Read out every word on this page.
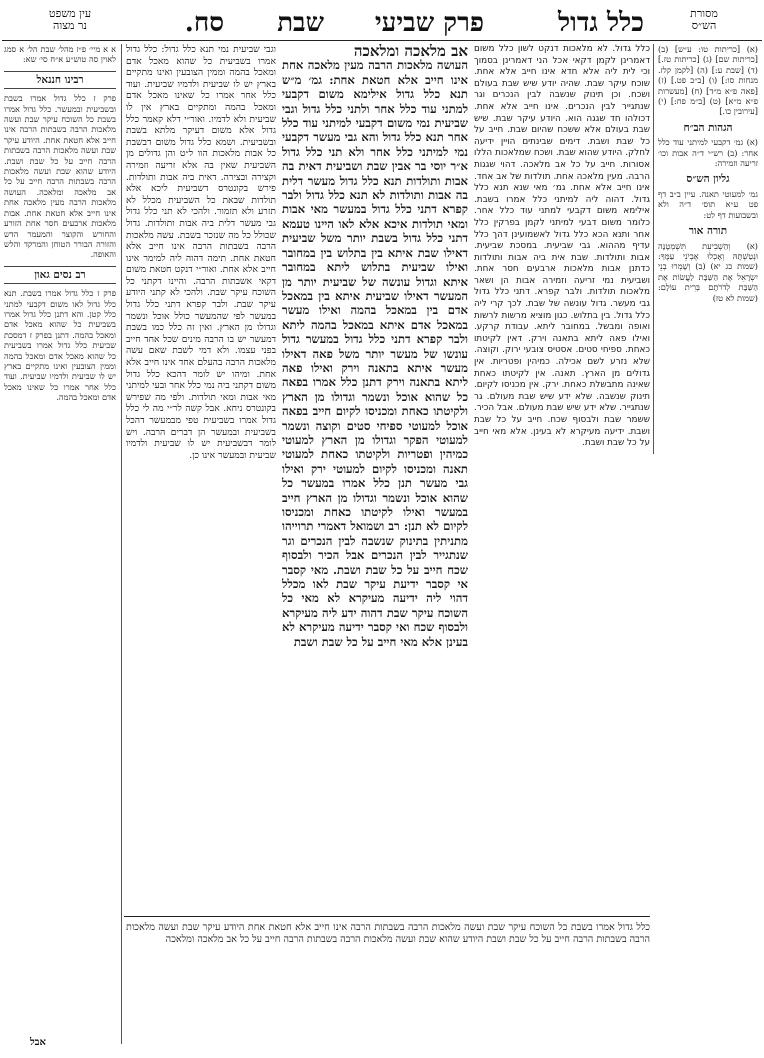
מסורת
הש״ס
כלל גדול
פרק שביעי
שבת
סח.
עין משפט
נר מצוה

(א) [כריתות טו: ע״ש] (ב) [כריתות שם] (ג) [כריתות טז.] (ד) [שבת ע:] (ה) [לקמן קלז. מנחות סו:] (ו) [ב״ב פט.] (ז) [פאה פ״א מ״ד] (ח) [מעשרות פ״א מ״א] (ט) [ב״מ פח:] (י) [עירובין כו.]

הגהות הב״ח

(א) גמ׳ דקבעי למיתני עוד כלל אחר: (ב) רש״י ד״ה אבות וכו׳ זריעה וזמירה:

גליון הש״ס

גמ׳ למעוטי תאנה. עיין ב״ב דף פט ע״א תוס׳ ד״ה ולא ובשבועות דף לט:

תורה אור

(א) וְהַשְׁבִיעִת תִּשְׁמְטֶנָּה וּנְטַשְׁתָּהּ וְאָכְלוּ אֶבְיֹנֵי עַמֶּךָ: (שמות כג יא) (ב) וְשָׁמְרוּ בְנֵי יִשְׂרָאֵל אֶת הַשַּׁבָּת לַעֲשׂוֹת אֶת הַשַּׁבָּת לְדֹרֹתָם בְּרִית עוֹלָם: (שמות לא טז)

כלל גדול. לא מלאכות דנקט לשון כלל משום דאמרינן לקמן דקאי אכל הני דאמרינן בסמוך וכי לית ליה אלא חדא אינו חייב אלא אחת. שוכח עיקר שבת. שהיה יודע שיש שבת בעולם ושכח. וכן תינוק שנשבה לבין הנכרים וגר שנתגייר לבין הנכרים. אינו חייב אלא אחת. דכולהו חד שגגה הוא. היודע עיקר שבת. שיש שבת בעולם אלא ששכח שהיום שבת. חייב על כל שבת ושבת. דימים שבינתים הויין ידיעה לחלק. היודע שהוא שבת. ושכח שמלאכות הללו אסורות. חייב על כל אב מלאכה. דהוי שגגות הרבה. מעין מלאכה אחת. תולדות של אב אחד. אינו חייב אלא אחת. גמ׳ מאי שנא תנא כלל גדול. דהוה ליה למיתני כלל אמרו בשבת. אילימא משום דקבעי למתני עוד כלל אחר. כלומר משום דבעי למיתני לקמן בפרקין כלל אחר ותנא הכא כלל גדול לאשמועינן דהך כלל עדיף מההוא. גבי שביעית. במסכת שביעית. אבות ותולדות. שבת אית ביה אבות ותולדות כדתנן אבות מלאכות ארבעים חסר אחת. ושביעית נמי זריעה וזמירה אבות הן ושאר מלאכות תולדות. ולבר קפרא. דתני כלל גדול גבי מעשר. גדול עונשה של שבת. לכך קרי ליה כלל גדול. בין בתלוש. כגון מוציא מרשות לרשות ואופה ומבשל. במחובר ליתא. עבודת קרקע. ואילו פאה ליתא בתאנה וירק. דאין לקיטתו כאחת. ספיחי סטים. אסטיס צובעי ירוק. וקוצה. שלא נזרע לשם אכילה. כמיהין ופטריות. אין גדולים מן הארץ. תאנה. אין לקיטתו כאחת שאינה מתבשלת כאחת. ירק. אין מכניסו לקיום. תינוק שנשבה. שלא ידע שיש שבת מעולם. גר שנתגייר. שלא ידע שיש שבת מעולם. אבל הכיר. ששמר שבת ולבסוף שכח. חייב על כל שבת ושבת. ידיעה מעיקרא לא בעינן. אלא מאי חייב על כל שבת ושבת.

אב מלאכה ומלאכה

העושה מלאכות הרבה מעין מלאכה אחת אינו חייב אלא חטאת אחת: גמ׳ מ״ש תנא כלל גדול אילימא משום דקבעי למתני עוד כלל אחר ולתני כלל גדול וגבי שביעית נמי משום דקבעי למיתני עוד כלל אחר תנא כלל גדול והא גבי מעשר דקבעי נמי למיתני כלל אחר ולא תני כלל גדול א״ר יוסי בר אבין שבת ושביעית דאית בה אבות ותולדות תנא כלל גדול מעשר דלית בה אבות ותולדות לא תנא כלל גדול ולבר קפרא דתני כלל גדול במעשר מאי אבות ומאי תולדות איכא אלא לאו היינו טעמא דתני כלל גדול בשבת יותר משל שביעית דאילו שבת איתא בין בתלוש בין במחובר ואילו שביעית בתלוש ליתא במחובר איתא וגדול עונשה של שביעית יותר מן המעשר דאילו שביעית איתא בין במאכל אדם בין במאכל בהמה ואילו מעשר במאכל אדם איתא במאכל בהמה ליתא ולבר קפרא דתני כלל גדול במעשר גדול עונשו של מעשר יותר משל פאה דאילו מעשר איתא בתאנה וירק ואילו פאה ליתא בתאנה וירק דתנן כלל אמרו בפאה כל שהוא אוכל ונשמר וגדולו מן הארץ ולקיטתו כאחת ומכניסו לקיום חייב בפאה אוכל למעוטי ספיחי סטים וקוצה ונשמר למעוטי הפקר וגדולו מן הארץ למעוטי כמיהין ופטריות ולקיטתו כאחת למעוטי תאנה ומכניסו לקיום למעוטי ירק ואילו גבי מעשר תנן כלל אמרו במעשר כל שהוא אוכל ונשמר וגדולו מן הארץ חייב במעשר ואילו לקיטתו כאחת ומכניסו לקיום לא תנן: רב ושמואל דאמרי תרוייהו מתניתין בתינוק שנשבה לבין הנכרים וגר שנתגייר לבין הנכרים אבל הכיר ולבסוף שכח חייב על כל שבת ושבת. מאי קסבר אי קסבר ידיעת עיקר שבת לאו מכלל דהוי ליה ידיעה מעיקרא לא מאי כל השוכח עיקר שבת דהוה ידע ליה מעיקרא ולבסוף שכח ואי קסבר ידיעה מעיקרא לא בעינן אלא מאי חייב על כל שבת ושבת

וגבי שביעית נמי תנא כלל גדול: כלל גדול אמרו בשביעית כל שהוא מאכל אדם ומאכל בהמה וממין הצובעין ואינו מתקיים בארץ יש לו שביעית ולדמיו שביעית. ועוד כלל אחר אמרו כל שאינו מאכל אדם ומאכל בהמה ומתקיים בארץ אין לו שביעית ולא לדמיו. ואור״י דלא קאמר כלל גדול אלא משום דעיקר מלתא בשבת ובשביעית. ושמא כלל גדול משום דבשבת כל אבות מלאכות הוו ל״ט והן גדולים מן השביעית שאין בה אלא זריעה וזמירה וקצירה ובצירה. דאית ביה אבות ותולדות. פירש בקונטרס דשביעית ליכא אלא תולדות שבאת כל השביעית מכלל לא תזרע ולא תזמור. ולהכי לא תני כלל גדול גבי מעשר דלית ביה אבות ותולדות. גדול שכולל כל מה שנזכר בשבת. עשה מלאכות הרבה בשבתות הרבה אינו חייב אלא חטאת אחת. תימה דהוה ליה למימר אינו חייב אלא אחת. ואור״י דנקט חטאת משום דקאי אשבתות הרבה. והיינו דקתני כל השוכח עיקר שבת. ולהכי לא קתני היודע עיקר שבת. ולבר קפרא דתני כלל גדול במעשר לפי שהמעשר כולל אוכל ונשמר וגדולו מן הארץ. ואין זה כלל כמו בשבת דמעשר יש בו הרבה מינים שכל אחד חייב בפני עצמו. ולא דמי לשבת שאם עשה מלאכות הרבה בהעלם אחד אינו חייב אלא אחת. ומיהו יש לומר דהכא כלל גדול משום דקתני ביה נמי כלל אחר ובעי למיתני מאי אבות ומאי תולדות. ולפי מה שפירש בקונטרס ניחא. אבל קשה לר״י מה לי כלל גדול אמרו בשביעית טפי מבמעשר דהכל בשביעית ובמעשר הן דברים הרבה. ויש לומר דבשביעית יש לו שביעית ולדמיו שביעית ובמעשר אינו כן.

א א מיי׳ פ״ז מהל׳ שבת הל׳ א סמג לאוין סה טוש״ע א״ח סי׳ שא:

רבינו חננאל

פרק ז כלל גדול אמרו בשבת ובשביעית ובמעשר. כלל גדול אמרו בשבת כל השוכח עיקר שבת ועשה מלאכות הרבה בשבתות הרבה אינו חייב אלא חטאת אחת. היודע עיקר שבת ועשה מלאכות הרבה בשבתות הרבה חייב על כל שבת ושבת. היודע שהוא שבת ועשה מלאכות הרבה בשבתות הרבה חייב על כל אב מלאכה ומלאכה. העושה מלאכות הרבה מעין מלאכה אחת אינו חייב אלא חטאת אחת. אבות מלאכות ארבעים חסר אחת הזורע והחורש והקוצר והמעמר הדש והזורה הבורר הטוחן והמרקד והלש והאופה.

רב נסים גאון

פרק ז כלל גדול אמרו בשבת. תנא כלל גדול לאו משום דקבעי למתני כלל קטן. והא דתנן כלל גדול אמרו בשביעית כל שהוא מאכל אדם ומאכל בהמה. דתנן בפרק ז דמסכת שביעית כלל גדול אמרו בשביעית כל שהוא מאכל אדם ומאכל בהמה וממין הצובעין ואינו מתקיים בארץ יש לו שביעית ולדמיו שביעית. ועוד כלל אחר אמרו כל שאינו מאכל אדם ומאכל בהמה.

כלל גדול אמרו בשבת כל השוכח עיקר שבת ועשה מלאכות הרבה בשבתות הרבה אינו חייב אלא חטאת אחת היודע עיקר שבת ועשה מלאכות הרבה בשבתות הרבה חייב על כל שבת ושבת היודע שהוא שבת ועשה מלאכות הרבה בשבתות הרבה חייב על כל אב מלאכה ומלאכה

אבל
